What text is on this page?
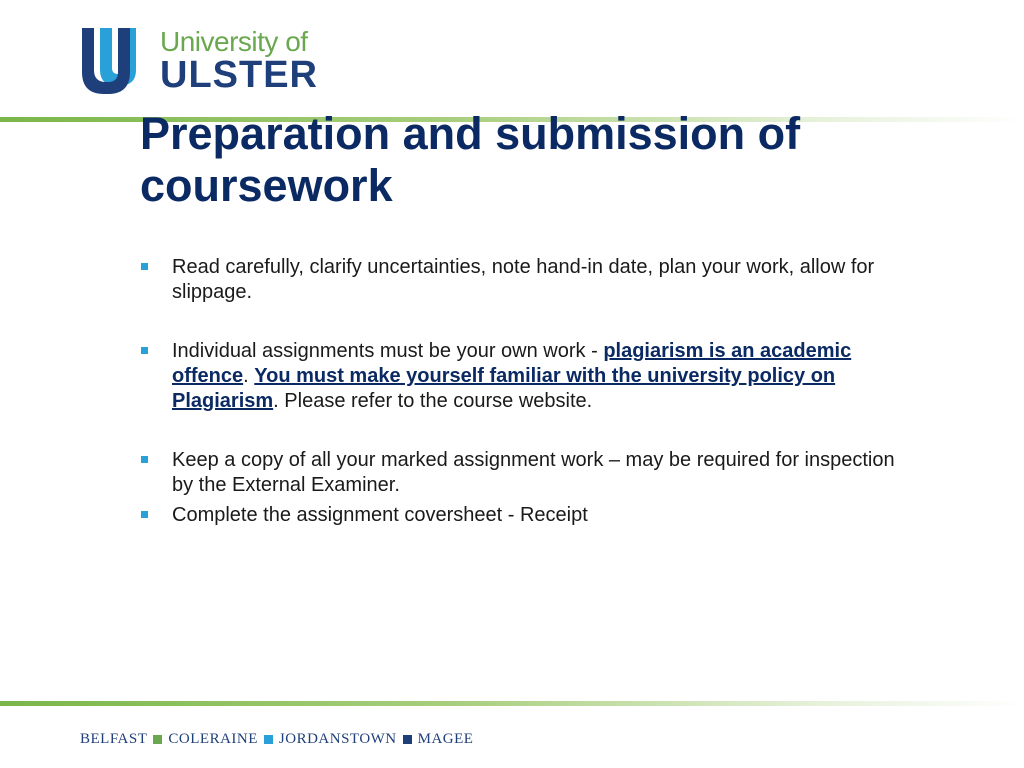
University of
ULSTER
Preparation and submission of coursework
Read carefully, clarify uncertainties, note hand-in date, plan your work, allow for slippage.
Individual assignments must be your own work - plagiarism is an academic offence. You must make yourself familiar with the university policy on Plagiarism. Please refer to the course website.
Keep a copy of all your marked assignment work – may be required for inspection by the External Examiner.
Complete the assignment coversheet - Receipt
BELFAST COLERAINE JORDANSTOWN MAGEE
